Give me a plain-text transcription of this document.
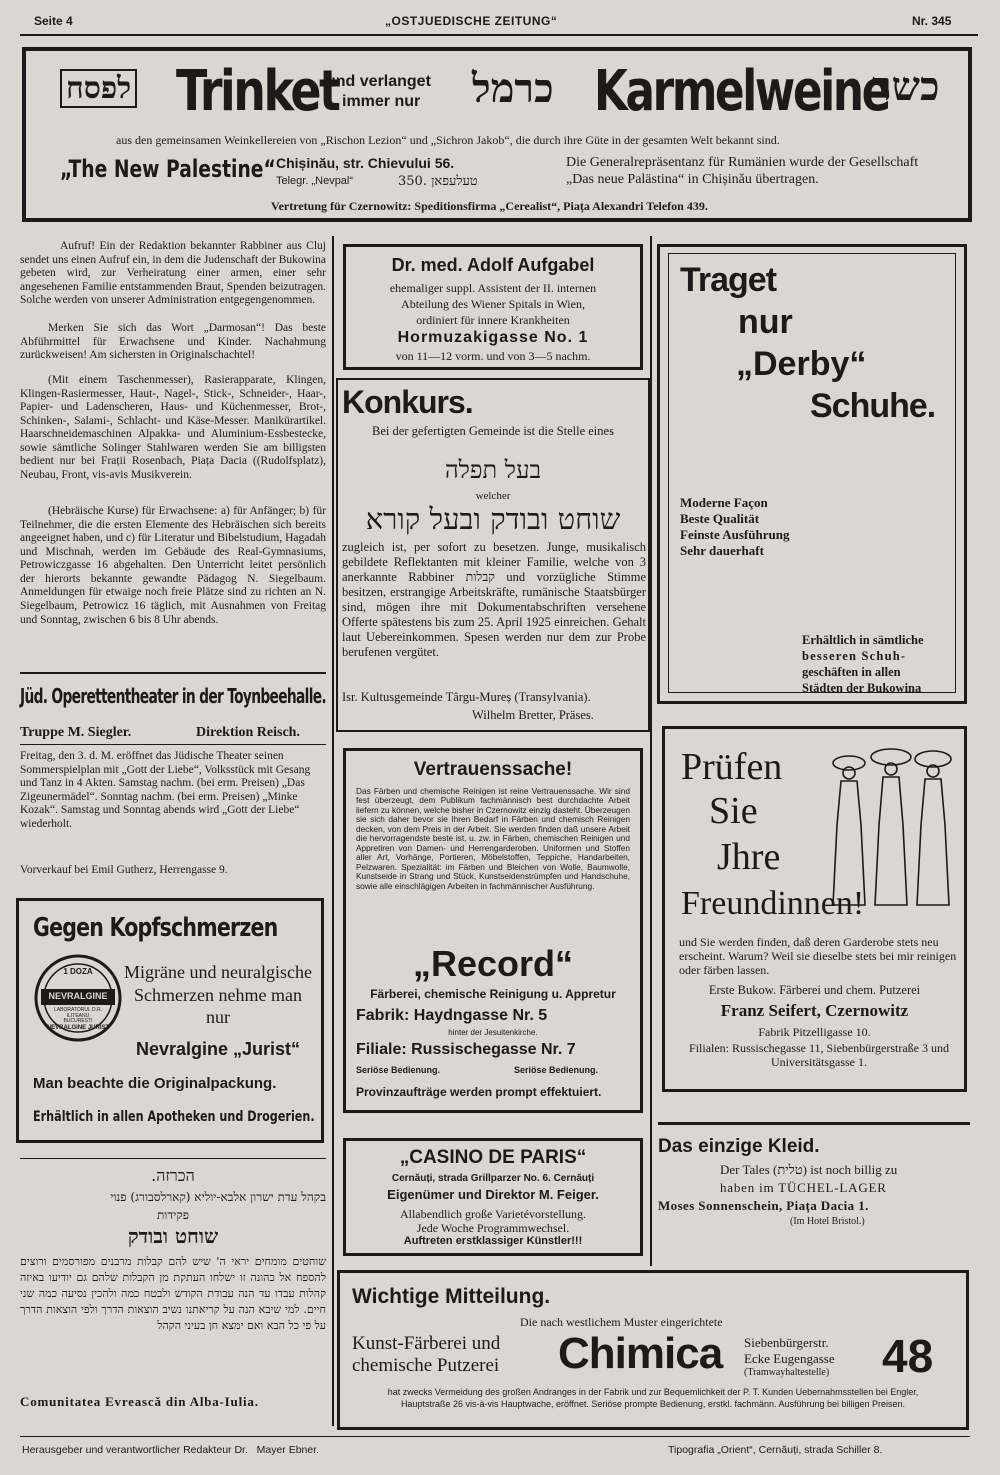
Seite 4	„OSTJUEDISCHE ZEITUNG“	Nr. 345
לפסח Trinket
und verlanget
immer nur כרמל Karmelweine
כשר
aus den gemeinsamen Weinkellereien von „Rischon Lezion“ und „Sichron Jakob“, die durch ihre Güte in der gesamten Welt bekannt sind.
„The New Palestine“ Chișinău, str. Chievului 56.
Telegr. „Nevpal“	350. טעלעפאן

Die Generalrepräsentanz für Rumänien wurde der Gesellschaft „Das neue Palästina“ in Chișinău übertragen.

Vertretung für Czernowitz: Speditionsfirma „Cerealist“, Piața Alexandri Telefon 439.

Aufruf! Ein der Redaktion bekannter Rabbiner aus Cluj sendet uns einen Aufruf ein, in dem die Judenschaft der Bukowina gebeten wird, zur Verheiratung einer armen, einer sehr angesehenen Familie entstammenden Braut, Spenden beizutragen. Solche werden von unserer Administration entgegengenommen.

Merken Sie sich das Wort „Darmosan“! Das beste Abführmittel für Erwachsene und Kinder. Nachahmung zurückweisen! Am sichersten in Originalschachtel!

(Mit einem Taschenmesser), Rasierapparate, Klingen, Klingen-Rasiermesser, Haut-, Nagel-, Stick-, Schneider-, Haar-, Papier- und Ladenscheren, Haus- und Küchenmesser, Brot-, Schinken-, Salami-, Schlacht- und Käse-Messer. Manikürartikel. Haarschneidemaschinen Alpakka- und Aluminium-Essbestecke, sowie sämtliche Solinger Stahlwaren werden Sie am billigsten bedient nur bei Frații Rosenbach, Piața Dacia ((Rudolfsplatz), Neubau, Front, vis-avis Musikverein.

(Hebräische Kurse) für Erwachsene: a) für Anfänger; b) für Teilnehmer, die die ersten Elemente des Hebräischen sich bereits angeeignet haben, und c) für Literatur und Bibelstudium, Hagadah und Mischnah, werden im Gebäude des Real-Gymnasiums, Petrowiczgasse 16 abgehalten. Den Unterricht leitet persönlich der hierorts bekannte gewandte Pädagog N. Siegelbaum. Anmeldungen für etwaige noch freie Plätze sind zu richten an N. Siegelbaum, Petrowicz 16 täglich, mit Ausnahmen von Freitag und Sonntag, zwischen 6 bis 8 Uhr abends.

Jüd. Operettentheater in der Toynbeehalle.
Truppe M. Siegler.	Direktion Reisch.

Freitag, den 3. d. M. eröffnet das Jüdische Theater seinen Sommerspielplan mit „Gott der Liebe“, Volksstück mit Gesang und Tanz in 4 Akten. Samstag nachm. (bei erm. Preisen) „Das Zigeunermädel“. Sonntag nachm. (bei erm. Preisen) „Minke Kozak“. Samstag und Sonntag abends wird „Gott der Liebe“ wiederholt.

Vorverkauf bei Emil Gutherz, Herrengasse 9.
Gegen Kopfschmerzen
1 DOZA
NEVRALGINE
LABORATORUL D.R. ILITEANU BUCURESTI
NEVRALGINE JURIST

Migräne und neuralgische Schmerzen nehme man nur

Nevralgine „Jurist“
Man beachte die Originalpackung.
Erhältlich in allen Apotheken und Drogerien.
הכרזה.
בקהל עדת ישרון אלבא-יוליא (קארלסבורג) פנוי
פקידות
שוחט ובודק

שוחטים מומחים יראי ה' שיש להם קבלות מרבנים מפורסמים ורוצים להספח אל כהונה זו ישלחו העתקת מן הקבלות שלהם גם יודיעו באיזה קהלות עבדו עד הנה עבודת הקודש ולבטח כמה ולהכין נסיעה כמה שני חיים. למי שיבא הנה על קריאתנו נשיב הוצאות הדרך ולפי הוצאות הדרך על פי כל הבא ואם ימצא חן בעיני הקהל

Comunitatea Evreascǎ din Alba-Iulia.
Dr. med. Adolf Aufgabel
ehemaliger suppl. Assistent der II. internen
Abteilung des Wiener Spitals in Wien,
ordiniert für innere Krankheiten
Hormuzakigasse No. 1
von 11—12 vorm. und von 3—5 nachm.
Konkurs.

Bei der gefertigten Gemeinde ist die Stelle eines

בעל תפלה
welcher
שוחט ובודק ובעל קורא

zugleich ist, per sofort zu besetzen. Junge, musikalisch gebildete Reflektanten mit kleiner Familie, welche von 3 anerkannte Rabbiner קבלות und vorzügliche Stimme besitzen, erstrangige Arbeitskräfte, rumänische Staatsbürger sind, mögen ihre mit Dokumentabschriften versehene Offerte spätestens bis zum 25. April 1925 einreichen. Gehalt laut Uebereinkommen. Spesen werden nur dem zur Probe berufenen vergütet.

Isr. Kultusgemeinde Târgu-Mureș (Transylvania).
Wilhelm Bretter, Präses.
Vertrauenssache!

Das Färben und chemische Reinigen ist reine Vertrauenssache. Wir sind fest überzeugt, dem Publikum fachmännisch best durchdachte Arbeit liefern zu können, welche bisher in Czernowitz einzig dasteht. Überzeugen sie sich daher bevor sie Ihren Bedarf in Färben und chemisch Reinigen decken, von dem Preis in der Arbeit. Sie werden finden daß unsere Arbeit die hervorragendste beste ist, u. zw. in Färben, chemischen Reinigen und Appretiren von Damen- und Herrengarderoben. Uniformen und Stoffen aller Art, Vorhänge, Portieren, Möbelstoffen, Teppiche, Handarbeiten, Pelzwaren. Spezialität: im Färben und Bleichen von Wolle, Baumwolle, Kunstseide in Strang und Stück, Kunstseidenstrümpfen und Handschuhe, sowie alle einschlägigen Arbeiten in fachmännischer Ausführung.

„Record“
Färberei, chemische Reinigung u. Appretur
Fabrik: Haydngasse Nr. 5
hinter der Jesuitenkirche.
Filiale: Russischegasse Nr. 7
Seriöse Bedienung.	Seriöse Bedienung.
Provinzaufträge werden prompt effektuiert.
„CASINO DE PARIS“
Cernăuți, strada Grillparzer No. 6. Cernăuți
Eigenümer und Direktor M. Feiger.
Allabendlich große Varietévorstellung.
Jede Woche Programmwechsel.
Auftreten erstklassiger Künstler!!!
Traget
nur
„Derby“
Schuhe.
Moderne Façon
Beste Qualität
Feinste Ausführung
Sehr dauerhaft
Erhältlich in sämtliche
besseren Schuh-
geschäften in allen
Städten der Bukowina
Prüfen
Sie
Jhre
Freundinnen!

und Sie werden finden, daß deren Garderobe stets neu erscheint. Warum? Weil sie dieselbe stets bei mir reinigen oder färben lassen.

Erste Bukow. Färberei und chem. Putzerei
Franz Seifert, Czernowitz
Fabrik Pitzelligasse 10.

Filialen: Russischegasse 11, Siebenbürgerstraße 3 und Universitätsgasse 1.

Das einzige Kleid.
Der Tales (טלית) ist noch billig zu
haben im TÜCHEL-LAGER
Moses Sonnenschein, Piața Dacia 1.
(Im Hotel Bristol.)
Wichtige Mitteilung.
Die nach westlichem Muster eingerichtete
Kunst-Färberei und
chemische Putzerei Chimica Siebenbürgerstr.
Ecke Eugengasse
(Tramwayhaltestelle) 48

hat zwecks Vermeidung des großen Andranges in der Fabrik und zur Bequemlichkeit der P. T. Kunden Uebernahmsstellen bei Engler, Hauptstraße 26 vis-à-vis Hauptwache, eröffnet. Seriöse prompte Bedienung, erstkl. fachmänn. Ausführung bei billigen Preisen.

Herausgeber und verantwortlicher Redakteur Dr.   Mayer Ebner.	Tipografia „Orient“, Cernăuți, strada Schiller 8.
